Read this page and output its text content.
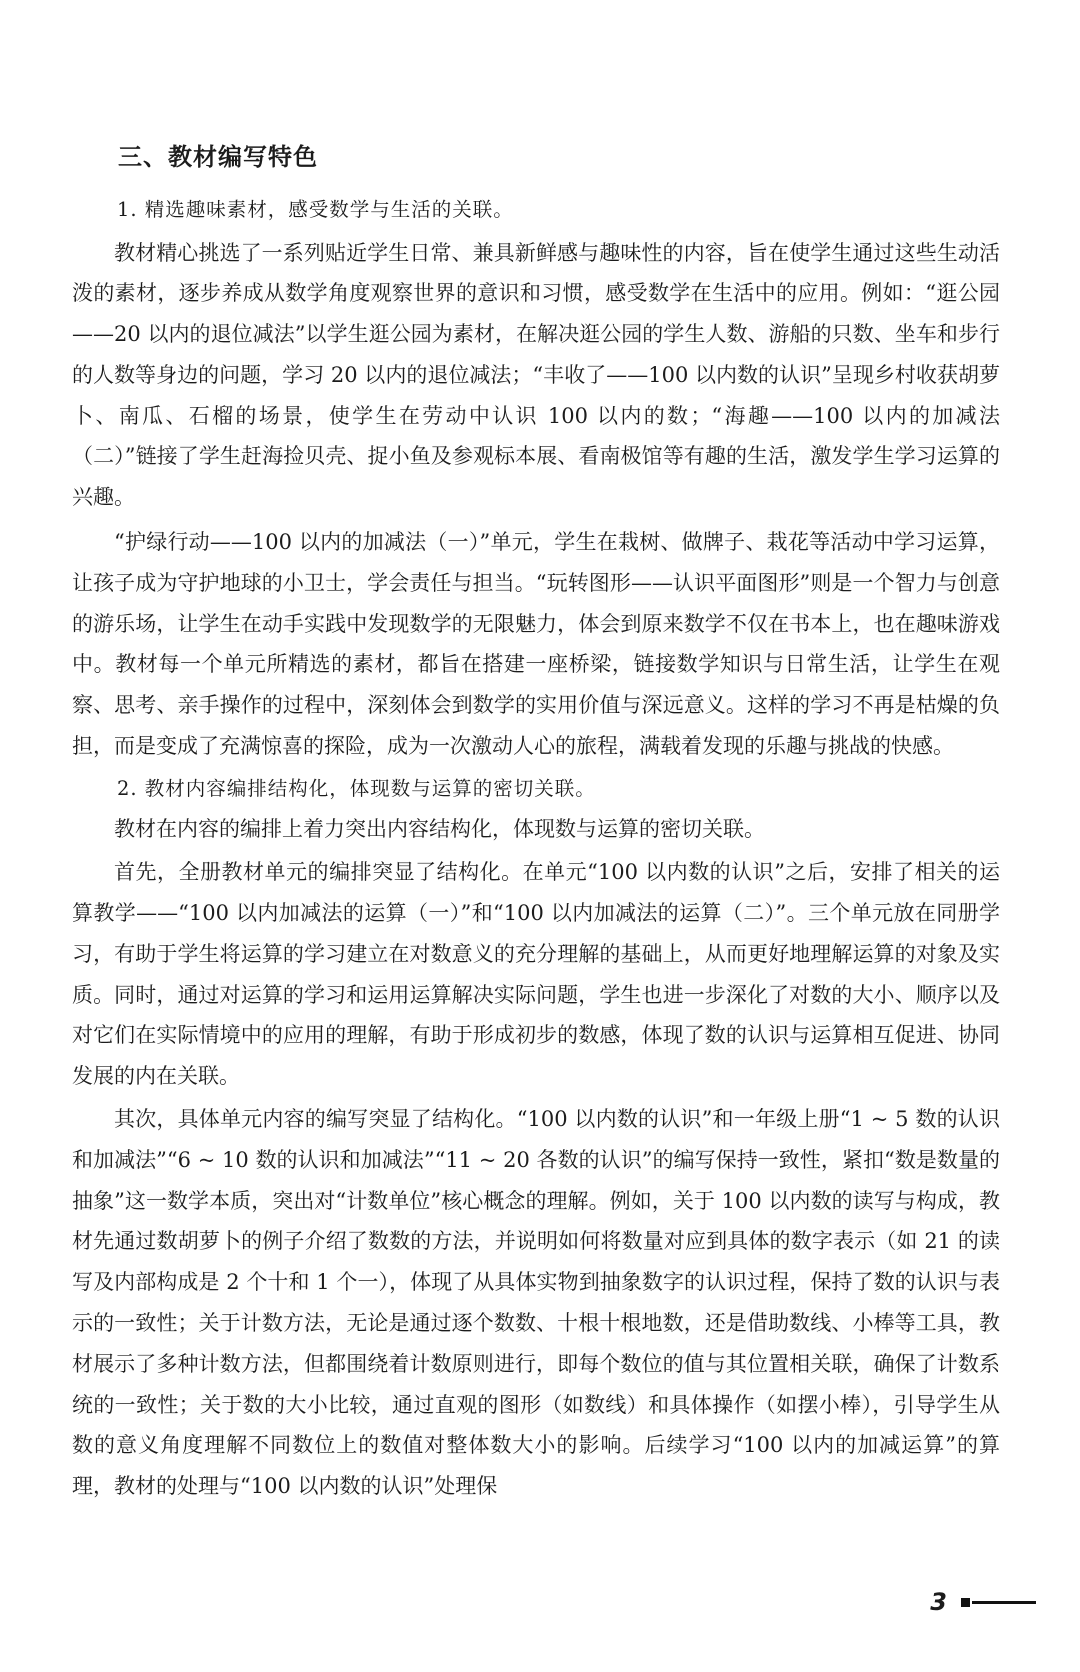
三、教材编写特色

1. 精选趣味素材，感受数学与生活的关联。

教材精心挑选了一系列贴近学生日常、兼具新鲜感与趣味性的内容，旨在使学生通过这些生动活泼的素材，逐步养成从数学角度观察世界的意识和习惯，感受数学在生活中的应用。例如：“逛公园——20 以内的退位减法”以学生逛公园为素材，在解决逛公园的学生人数、游船的只数、坐车和步行的人数等身边的问题，学习 20 以内的退位减法；“丰收了——100 以内数的认识”呈现乡村收获胡萝卜、南瓜、石榴的场景，使学生在劳动中认识 100 以内的数；“海趣——100 以内的加减法（二）”链接了学生赶海捡贝壳、捉小鱼及参观标本展、看南极馆等有趣的生活，激发学生学习运算的兴趣。

“护绿行动——100 以内的加减法（一）”单元，学生在栽树、做牌子、栽花等活动中学习运算，让孩子成为守护地球的小卫士，学会责任与担当。“玩转图形——认识平面图形”则是一个智力与创意的游乐场，让学生在动手实践中发现数学的无限魅力，体会到原来数学不仅在书本上，也在趣味游戏中。教材每一个单元所精选的素材，都旨在搭建一座桥梁，链接数学知识与日常生活，让学生在观察、思考、亲手操作的过程中，深刻体会到数学的实用价值与深远意义。这样的学习不再是枯燥的负担，而是变成了充满惊喜的探险，成为一次激动人心的旅程，满载着发现的乐趣与挑战的快感。

2. 教材内容编排结构化，体现数与运算的密切关联。

教材在内容的编排上着力突出内容结构化，体现数与运算的密切关联。

首先，全册教材单元的编排突显了结构化。在单元“100 以内数的认识”之后，安排了相关的运算教学——“100 以内加减法的运算（一）”和“100 以内加减法的运算（二）”。三个单元放在同册学习，有助于学生将运算的学习建立在对数意义的充分理解的基础上，从而更好地理解运算的对象及实质。同时，通过对运算的学习和运用运算解决实际问题，学生也进一步深化了对数的大小、顺序以及对它们在实际情境中的应用的理解，有助于形成初步的数感，体现了数的认识与运算相互促进、协同发展的内在关联。

其次，具体单元内容的编写突显了结构化。“100 以内数的认识”和一年级上册“1 ~ 5 数的认识和加减法”“6 ~ 10 数的认识和加减法”“11 ~ 20 各数的认识”的编写保持一致性，紧扣“数是数量的抽象”这一数学本质，突出对“计数单位”核心概念的理解。例如，关于 100 以内数的读写与构成，教材先通过数胡萝卜的例子介绍了数数的方法，并说明如何将数量对应到具体的数字表示（如 21 的读写及内部构成是 2 个十和 1 个一），体现了从具体实物到抽象数字的认识过程，保持了数的认识与表示的一致性；关于计数方法，无论是通过逐个数数、十根十根地数，还是借助数线、小棒等工具，教材展示了多种计数方法，但都围绕着计数原则进行，即每个数位的值与其位置相关联，确保了计数系统的一致性；关于数的大小比较，通过直观的图形（如数线）和具体操作（如摆小棒），引导学生从数的意义角度理解不同数位上的数值对整体数大小的影响。后续学习“100 以内的加减运算”的算理，教材的处理与“100 以内数的认识”处理保

3
